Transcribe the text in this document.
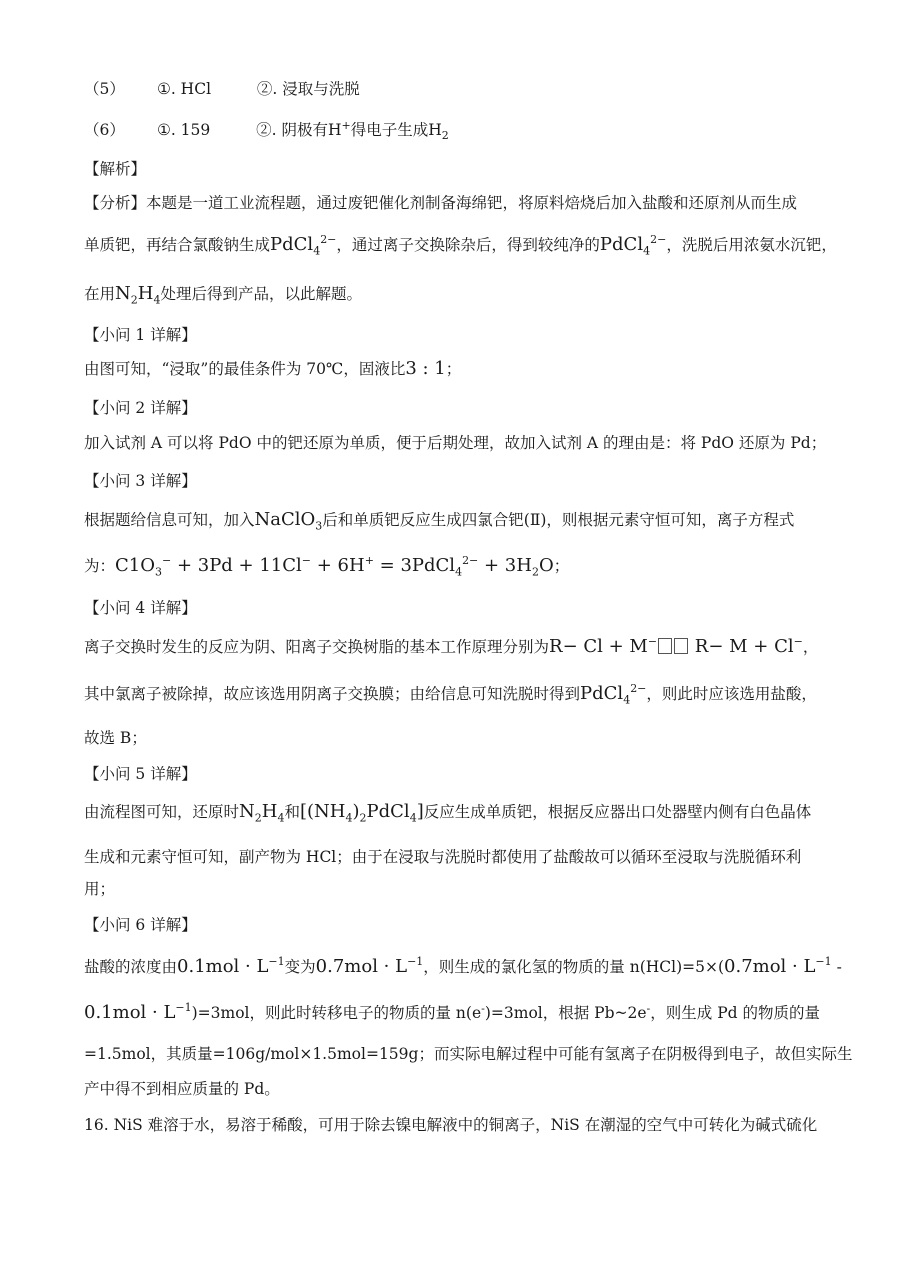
（5） ①. HCl	②. 浸取与洗脱
（6） ①. 159	②. 阴极有H+得电子生成$H_2$
【解析】
【分析】本题是一道工业流程题，通过废钯催化剂制备海绵钯，将原料焙烧后加入盐酸和还原剂从而生成
单质钯，再结合氯酸钠生成PdCl$_4^{2-}$，通过离子交换除杂后，得到较纯净的PdCl$_4^{2-}$，洗脱后用浓氨水沉钯，
在用$N_2H_4$处理后得到产品，以此解题。
【小问 1 详解】
由图可知，“浸取”的最佳条件为 70℃，固液比3 : 1；
【小问 2 详解】
加入试剂 A 可以将 PdO 中的钯还原为单质，便于后期处理，故加入试剂 A 的理由是：将 PdO 还原为 Pd；
【小问 3 详解】
根据题给信息可知，加入NaClO$_3$后和单质钯反应生成四氯合钯(Ⅱ)，则根据元素守恒可知，离子方程式
为：$C1O_3^- + 3Pd + 11Cl^- + 6H^+$ = 3PdCl$_4^{2-}$ + $3H_2O$；
【小问 4 详解】
离子交换时发生的反应为阴、阳离子交换树脂的基本工作原理分别为R− Cl + M− R− M + Cl−，
其中氯离子被除掉，故应该选用阴离子交换膜；由给信息可知洗脱时得到PdCl$_4^{2-}$，则此时应该选用盐酸，
故选 B；
【小问 5 详解】
由流程图可知，还原时$N_2H_4$和$[(NH_4)_2PdCl_4]$反应生成单质钯，根据反应器出口处器壁内侧有白色晶体
生成和元素守恒可知，副产物为 HCl；由于在浸取与洗脱时都使用了盐酸故可以循环至浸取与洗脱循环利
用；
【小问 6 详解】
盐酸的浓度由$0.1mol \cdot L^{-1}$变为$0.7mol \cdot L^{-1}$，则生成的氯化氢的物质的量 $n(HCl)=5\times(0.7mol \cdot L^{-1}$ -
$0.1mol \cdot L^{-1})=3mol$，则此时转移电子的物质的量 n(e-)=3mol，根据 Pb~2e-，则生成 Pd 的物质的量
=1.5mol，其质量=106g/mol×1.5mol=159g；而实际电解过程中可能有氢离子在阴极得到电子，故但实际生
产中得不到相应质量的 Pd。
16. NiS 难溶于水，易溶于稀酸，可用于除去镍电解液中的铜离子，NiS 在潮湿的空气中可转化为碱式硫化
